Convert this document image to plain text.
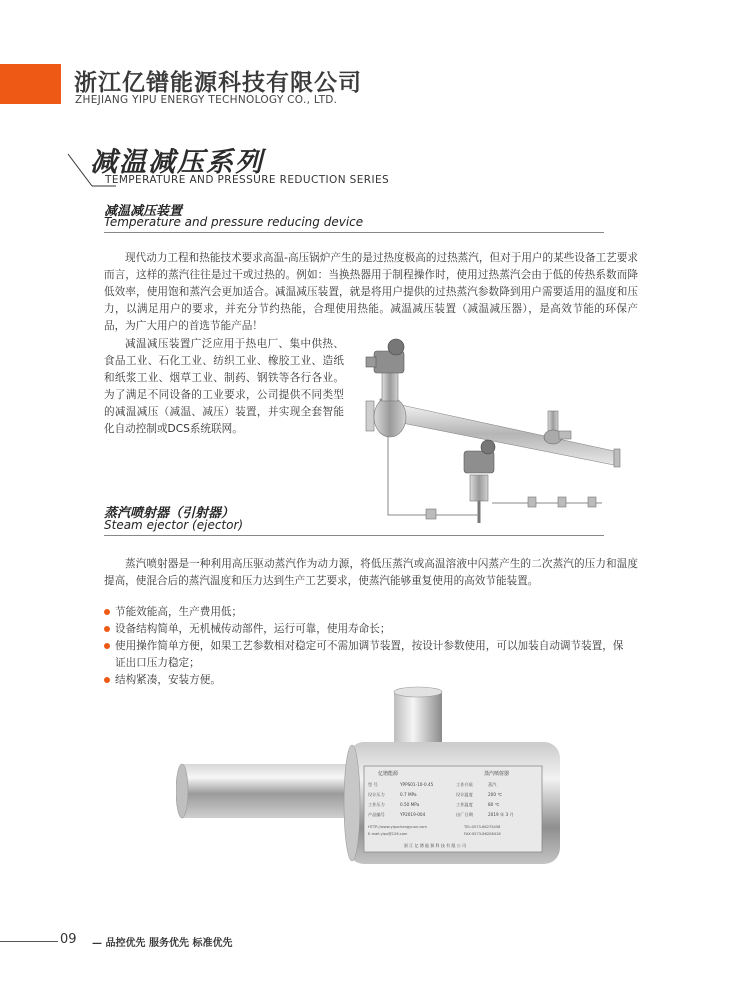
浙江亿镨能源科技有限公司
ZHEJIANG YIPU ENERGY TECHNOLOGY CO., LTD.
减温减压系列
TEMPERATURE AND PRESSURE REDUCTION SERIES
减温减压装置
Temperature and pressure reducing device
现代动力工程和热能技术要求高温-高压锅炉产生的是过热度极高的过热蒸汽，但对于用户的某些设备工艺要求而言，这样的蒸汽往往是过干或过热的。例如：当换热器用于制程操作时，使用过热蒸汽会由于低的传热系数而降低效率，使用饱和蒸汽会更加适合。减温减压装置，就是将用户提供的过热蒸汽参数降到用户需要适用的温度和压力，以满足用户的要求，并充分节约热能，合理使用热能。减温减压装置（减温减压器），是高效节能的环保产品，为广大用户的首选节能产品！
减温减压装置广泛应用于热电厂、集中供热、食品工业、石化工业、纺织工业、橡胶工业、造纸和纸浆工业、烟草工业、制药、钢铁等各行各业。为了满足不同设备的工业要求，公司提供不同类型的减温减压（减温、减压）装置，并实现全套智能化自动控制或DCS系统联网。
蒸汽喷射器（引射器）
Steam ejector (ejector)
蒸汽喷射器是一种利用高压驱动蒸汽作为动力源，将低压蒸汽或高温溶液中闪蒸产生的二次蒸汽的压力和温度提高，使混合后的蒸汽温度和压力达到生产工艺要求，使蒸汽能够重复使用的高效节能装置。
节能效能高，生产费用低；
设备结构简单，无机械传动部件，运行可靠，使用寿命长；
使用操作简单方便，如果工艺参数相对稳定可不需加调节装置，按设计参数使用，可以加装自动调节装置，保证出口压力稳定；
结构紧凑，安装方便。
亿镨能源	蒸汽喷射器
型 号	YPPS01-10-0.45	工作介质	蒸汽
设计压力	0.7 MPa	设计温度	200 ℃
工作压力	0.50 MPa	工作温度	80 ℃
产品编号	YP2019-004	出厂日期	2019 年 3 月
HTTP://www.yipuchengyuan.com	TEL:0573-86275458
E-mail:yipu@126.com	FAX:0573-86208418
浙 江 亿 镨 能 源 科 技 有 限 公 司
09 — 品控优先 服务优先 标准优先
